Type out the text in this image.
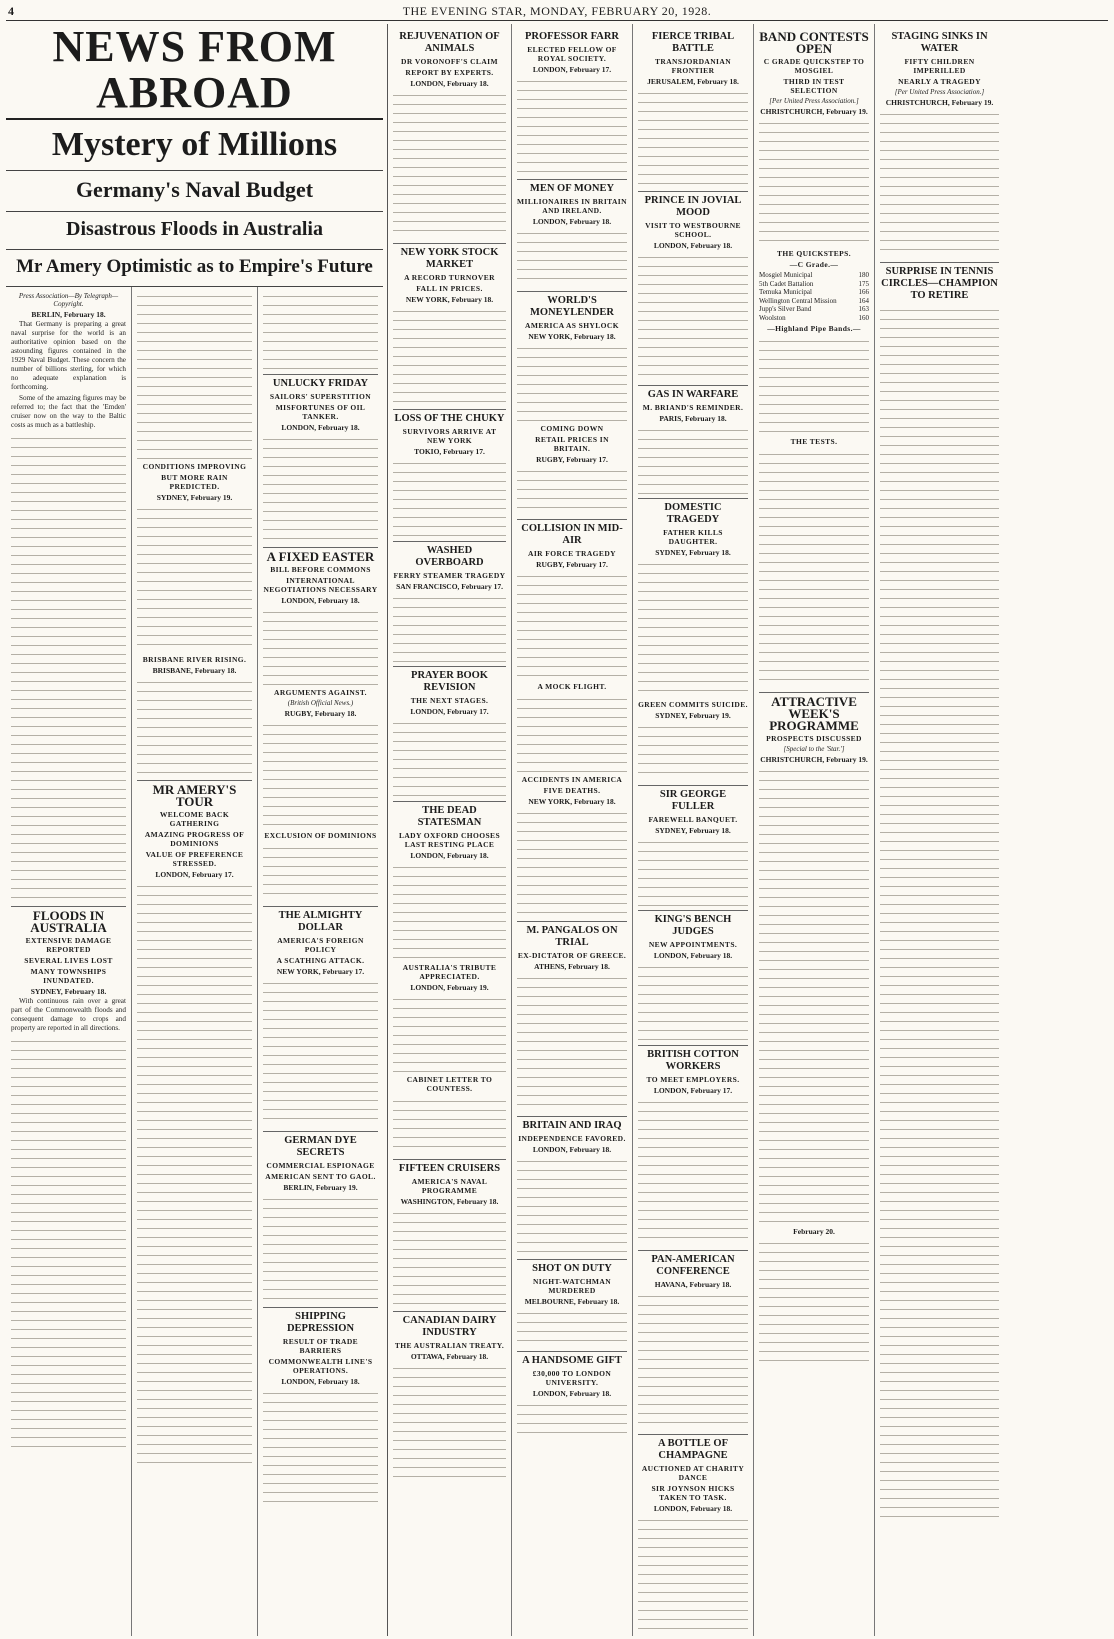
4	THE EVENING STAR, MONDAY, FEBRUARY 20, 1928.
NEWS FROM ABROAD
Mystery of Millions
Germany's Naval Budget
Disastrous Floods in Australia
Mr Amery Optimistic as to Empire's Future
Press Association—By Telegraph—Copyright.
BERLIN, February 18.

That Germany is preparing a great naval surprise for the world is an authoritative opinion based on the astounding figures contained in the 1929 Naval Budget. These concern the number of billions sterling, for which no adequate explanation is forthcoming.

Some of the amazing figures may be referred to; the fact that the 'Emden' cruiser now on the way to the Baltic costs as much as a battleship.

FLOODS IN AUSTRALIA
EXTENSIVE DAMAGE REPORTED
SEVERAL LIVES LOST
MANY TOWNSHIPS INUNDATED.
SYDNEY, February 18.

With continuous rain over a great part of the Commonwealth floods and consequent damage to crops and property are reported in all directions.

CONDITIONS IMPROVING
BUT MORE RAIN PREDICTED.
SYDNEY, February 19.
BRISBANE RIVER RISING.
BRISBANE, February 18.
MR AMERY'S TOUR
WELCOME BACK GATHERING
AMAZING PROGRESS OF DOMINIONS
VALUE OF PREFERENCE STRESSED.
LONDON, February 17.
UNLUCKY FRIDAY
SAILORS' SUPERSTITION
MISFORTUNES OF OIL TANKER.
LONDON, February 18.
A FIXED EASTER
BILL BEFORE COMMONS
INTERNATIONAL NEGOTIATIONS NECESSARY
LONDON, February 18.
ARGUMENTS AGAINST.
(British Official News.)
RUGBY, February 18.
EXCLUSION OF DOMINIONS
THE ALMIGHTY DOLLAR
AMERICA'S FOREIGN POLICY
A SCATHING ATTACK.
NEW YORK, February 17.
GERMAN DYE SECRETS
COMMERCIAL ESPIONAGE
AMERICAN SENT TO GAOL.
BERLIN, February 19.
SHIPPING DEPRESSION
RESULT OF TRADE BARRIERS
COMMONWEALTH LINE'S OPERATIONS.
LONDON, February 18.
REJUVENATION OF ANIMALS
DR VORONOFF'S CLAIM
REPORT BY EXPERTS.
LONDON, February 18.
NEW YORK STOCK MARKET
A RECORD TURNOVER
FALL IN PRICES.
NEW YORK, February 18.
LOSS OF THE CHUKY
SURVIVORS ARRIVE AT NEW YORK
TOKIO, February 17.
WASHED OVERBOARD
FERRY STEAMER TRAGEDY
SAN FRANCISCO, February 17.
PRAYER BOOK REVISION
THE NEXT STAGES.
LONDON, February 17.
THE DEAD STATESMAN
LADY OXFORD CHOOSES LAST RESTING PLACE
LONDON, February 18.
AUSTRALIA'S TRIBUTE APPRECIATED.
LONDON, February 19.
CABINET LETTER TO COUNTESS.
FIFTEEN CRUISERS
AMERICA'S NAVAL PROGRAMME
WASHINGTON, February 18.
CANADIAN DAIRY INDUSTRY
THE AUSTRALIAN TREATY.
OTTAWA, February 18.
PROFESSOR FARR
ELECTED FELLOW OF ROYAL SOCIETY.
LONDON, February 17.
MEN OF MONEY
MILLIONAIRES IN BRITAIN AND IRELAND.
LONDON, February 18.
WORLD'S MONEYLENDER
AMERICA AS SHYLOCK
NEW YORK, February 18.
COMING DOWN
RETAIL PRICES IN BRITAIN.
RUGBY, February 17.
COLLISION IN MID-AIR
AIR FORCE TRAGEDY
RUGBY, February 17.
A MOCK FLIGHT.
ACCIDENTS IN AMERICA
FIVE DEATHS.
NEW YORK, February 18.
M. PANGALOS ON TRIAL
EX-DICTATOR OF GREECE.
ATHENS, February 18.
BRITAIN AND IRAQ
INDEPENDENCE FAVORED.
LONDON, February 18.
SHOT ON DUTY
NIGHT-WATCHMAN MURDERED
MELBOURNE, February 18.
A HANDSOME GIFT
£30,000 TO LONDON UNIVERSITY.
LONDON, February 18.
FIERCE TRIBAL BATTLE
TRANSJORDANIAN FRONTIER
JERUSALEM, February 18.
PRINCE IN JOVIAL MOOD
VISIT TO WESTBOURNE SCHOOL.
LONDON, February 18.
GAS IN WARFARE
M. BRIAND'S REMINDER.
PARIS, February 18.
DOMESTIC TRAGEDY
FATHER KILLS DAUGHTER.
SYDNEY, February 18.
GREEN COMMITS SUICIDE.
SYDNEY, February 19.
SIR GEORGE FULLER
FAREWELL BANQUET.
SYDNEY, February 18.
KING'S BENCH JUDGES
NEW APPOINTMENTS.
LONDON, February 18.
BRITISH COTTON WORKERS
TO MEET EMPLOYERS.
LONDON, February 17.
PAN-AMERICAN CONFERENCE
HAVANA, February 18.
A BOTTLE OF CHAMPAGNE
AUCTIONED AT CHARITY DANCE
SIR JOYNSON HICKS TAKEN TO TASK.
LONDON, February 18.
BAND CONTESTS OPEN
C GRADE QUICKSTEP TO MOSGIEL
THIRD IN TEST SELECTION
[Per United Press Association.]
CHRISTCHURCH, February 19.
THE QUICKSTEPS.
—C Grade.—
Mosgiel Municipal	180
5th Cadet Battalion	175
Temuka Municipal	166
Wellington Central Mission	164
Jupp's Silver Band	163
Woolston	160
—Highland Pipe Bands.—
THE TESTS.
ATTRACTIVE WEEK'S PROGRAMME
PROSPECTS DISCUSSED
[Special to the 'Star.']
CHRISTCHURCH, February 19.
February 20.
STAGING SINKS IN WATER
FIFTY CHILDREN IMPERILLED
NEARLY A TRAGEDY
[Per United Press Association.]
CHRISTCHURCH, February 19.
SURPRISE IN TENNIS CIRCLES—CHAMPION TO RETIRE
